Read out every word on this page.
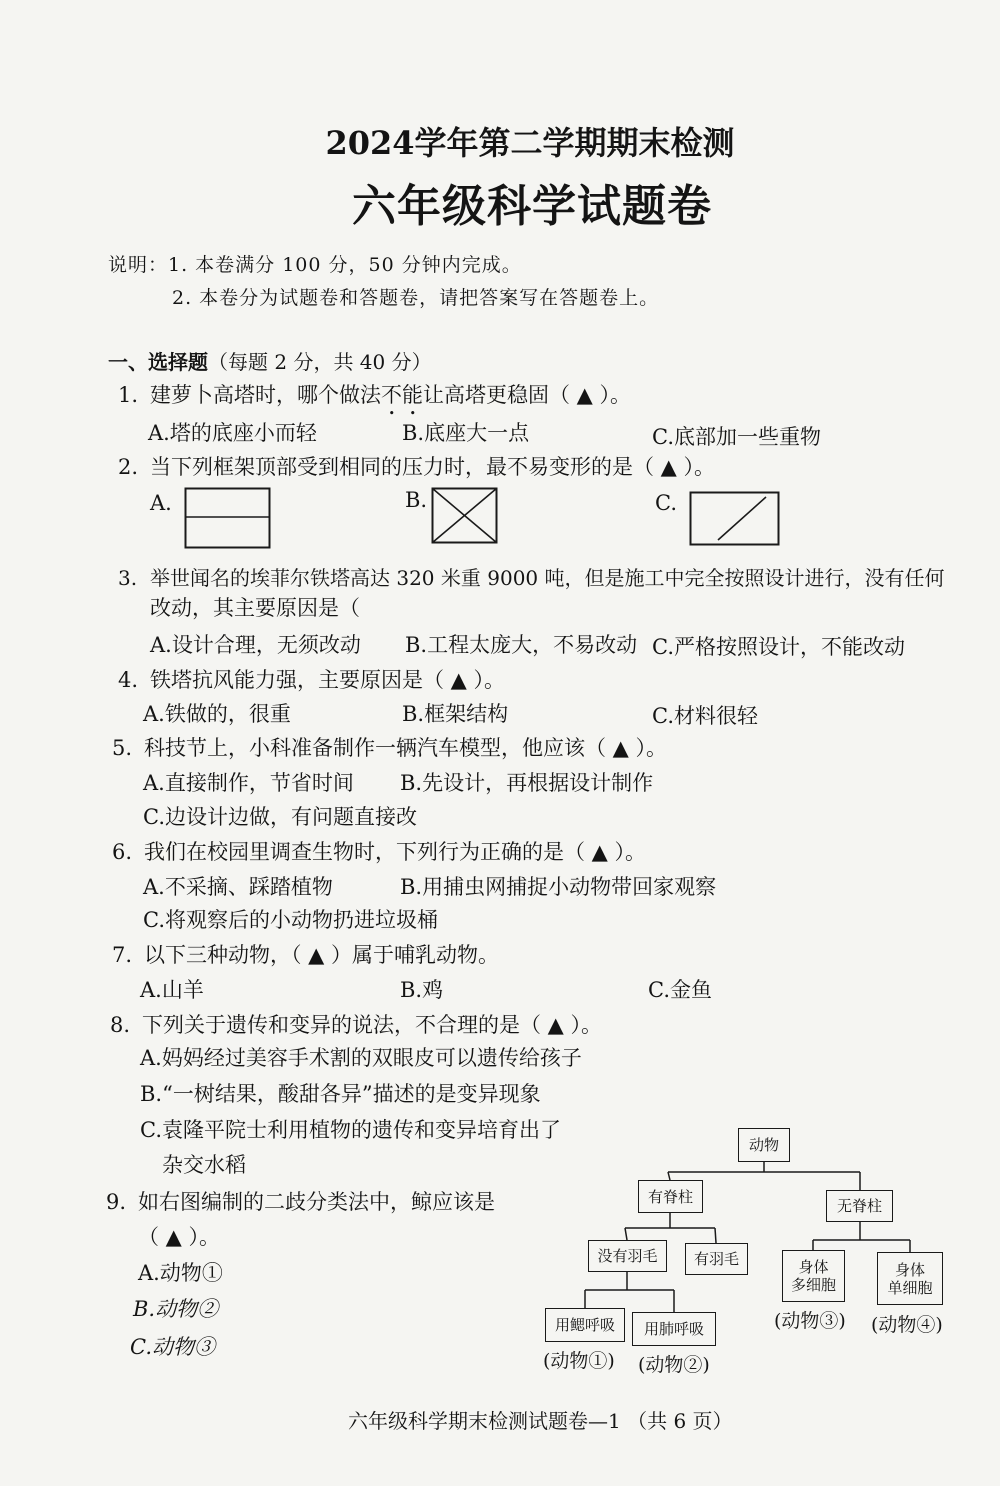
2024学年第二学期期末检测
六年级科学试题卷
说明：1. 本卷满分 100 分，50 分钟内完成。
2. 本卷分为试题卷和答题卷，请把答案写在答题卷上。
一、选择题（每题 2 分，共 40 分）
1. 建萝卜高塔时，哪个做法不能让高塔更稳固（ ▲ ）。
A.塔的底座小而轻	B.底座大一点	C.底部加一些重物
2. 当下列框架顶部受到相同的压力时，最不易变形的是（ ▲ ）。
A.	B.	C.
3. 举世闻名的埃菲尔铁塔高达 320 米重 9000 吨，但是施工中完全按照设计进行，没有任何
改动，其主要原因是（
A.设计合理，无须改动 B.工程太庞大，不易改动 C.严格按照设计，不能改动
4. 铁塔抗风能力强，主要原因是（ ▲ ）。
A.铁做的，很重	B.框架结构	C.材料很轻
5. 科技节上，小科准备制作一辆汽车模型，他应该（ ▲ ）。
A.直接制作，节省时间 B.先设计，再根据设计制作
C.边设计边做，有问题直接改
6. 我们在校园里调查生物时，下列行为正确的是（ ▲ ）。
A.不采摘、踩踏植物	B.用捕虫网捕捉小动物带回家观察
C.将观察后的小动物扔进垃圾桶
7. 以下三种动物，（ ▲ ）属于哺乳动物。
A.山羊	B.鸡	C.金鱼
8. 下列关于遗传和变异的说法，不合理的是（ ▲ ）。
A.妈妈经过美容手术割的双眼皮可以遗传给孩子
B.“一树结果，酸甜各异”描述的是变异现象
C.袁隆平院士利用植物的遗传和变异培育出了
杂交水稻
9. 如右图编制的二歧分类法中，鲸应该是
（ ▲ ）。
A.动物①
B.动物②
C.动物③
动物
有脊柱
无脊柱
没有羽毛	有羽毛
用鳃呼吸	用肺呼吸
身体
多细胞
身体
单细胞
(动物①) (动物②)
(动物③) (动物④)
六年级科学期末检测试题卷—1 （共 6 页）
